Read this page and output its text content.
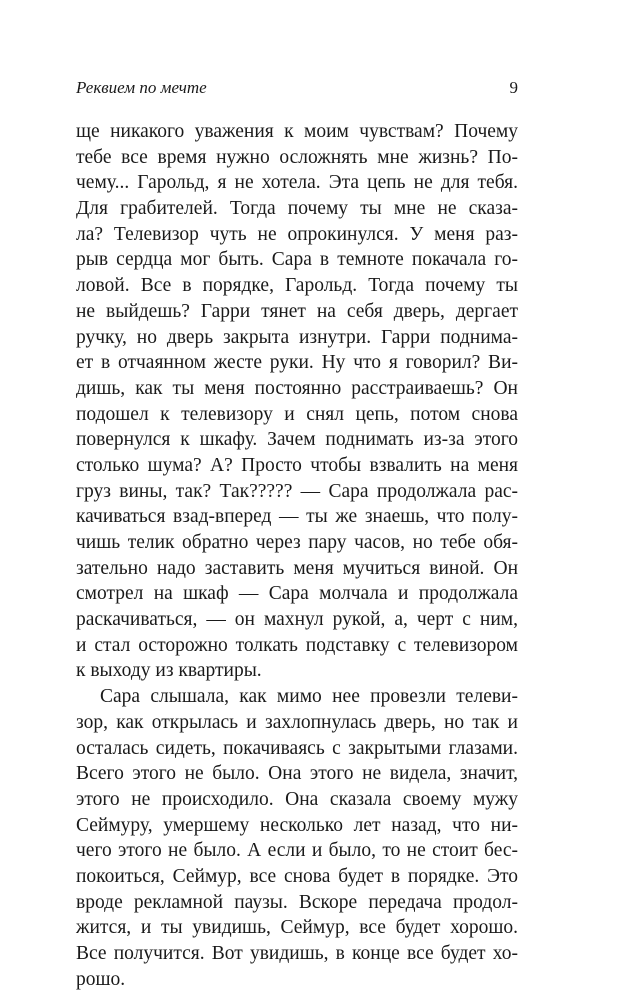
Реквием по мечте	9
ще никакого уважения к моим чувствам? Почему
тебе все время нужно осложнять мне жизнь? По-
чему... Гарольд, я не хотела. Эта цепь не для тебя.
Для грабителей. Тогда почему ты мне не сказа-
ла? Телевизор чуть не опрокинулся. У меня раз-
рыв сердца мог быть. Сара в темноте покачала го-
ловой. Все в порядке, Гарольд. Тогда почему ты
не выйдешь? Гарри тянет на себя дверь, дергает
ручку, но дверь закрыта изнутри. Гарри поднима-
ет в отчаянном жесте руки. Ну что я говорил? Ви-
дишь, как ты меня постоянно расстраиваешь? Он
подошел к телевизору и снял цепь, потом снова
повернулся к шкафу. Зачем поднимать из-за этого
столько шума? А? Просто чтобы взвалить на меня
груз вины, так? Так????? — Сара продолжала рас-
качиваться взад-вперед — ты же знаешь, что полу-
чишь телик обратно через пару часов, но тебе обя-
зательно надо заставить меня мучиться виной. Он
смотрел на шкаф — Сара молчала и продолжала
раскачиваться, — он махнул рукой, а, черт с ним,
и стал осторожно толкать подставку с телевизором
к выходу из квартиры.
Сара слышала, как мимо нее провезли телеви-
зор, как открылась и захлопнулась дверь, но так и
осталась сидеть, покачиваясь с закрытыми глазами.
Всего этого не было. Она этого не видела, значит,
этого не происходило. Она сказала своему мужу
Сеймуру, умершему несколько лет назад, что ни-
чего этого не было. А если и было, то не стоит бес-
покоиться, Сеймур, все снова будет в порядке. Это
вроде рекламной паузы. Вскоре передача продол-
жится, и ты увидишь, Сеймур, все будет хорошо.
Все получится. Вот увидишь, в конце все будет хо-
рошо.
